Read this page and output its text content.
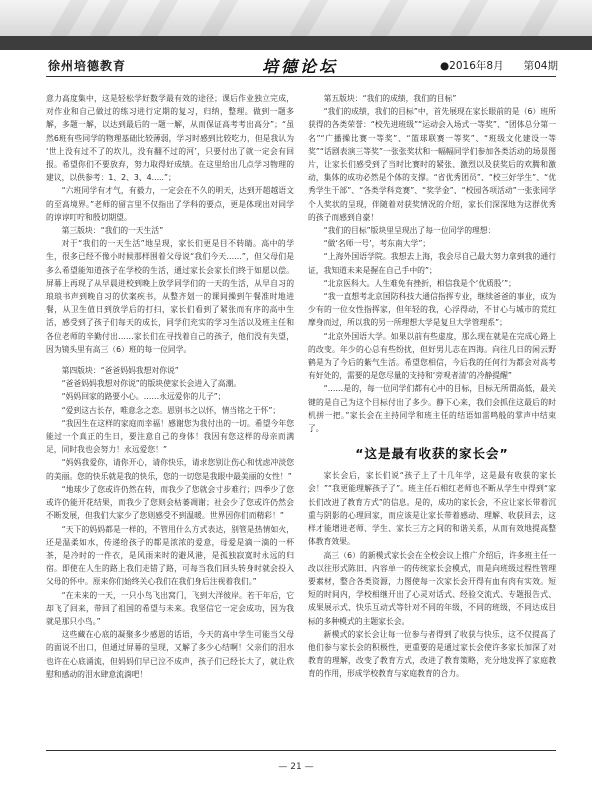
徐州培德教育	培德论坛	●2016年8月 第04期

意力高度集中，这是轻松学好数学最有效的途径；课后作业独立完成，对作业和自己做过的练习进行定期的复习，归纳，整理。做到一题多解，多题一解，以达到最后的一题一解，从而保证高考考出高分”；“虽然6班有些同学的物理基础比较薄弱，学习时感到比较吃力，但是我认为 ‘世上没有过不了的坎儿，没有翻不过的河’，只要付出了就一定会有回报。希望你们不要放弃，努力取得好成绩。在这里给出几点学习物理的建议，以供参考：1、2、3、4.....”；

“六班同学有才气，有毅力，一定会在不久的明天，达到开超越语文的至高境界。”老师的留言里不仅指出了学科的要点，更是体现出对同学的谆谆叮咛和殷切期望。

第三版块：“我们的一天生活”

对于“我们的一天生活”地呈现，家长们更是目不转睛。高中的学生，很多已经不像小时候那样围着父母说“我们今天……”，但父母们是多么希望能知道孩子在学校的生活，通过家长会家长们终于如愿以偿。屏幕上再现了从早晨进校到晚上放学同学们的一天的生活，从早自习的琅琅书声到晚自习的伏案疾书，从整齐划一的课间操到午餐准时地进餐，从卫生值日到放学后的打扫，家长们看到了紧张而有序的高中生活，感受到了孩子们每天的成长，同学们充实的学习生活以及班主任和各位老师的辛勤付出……家长们在寻找着自己的孩子，他们没有失望，因为镜头里有高三（6）班的每一位同学。

第四版块：“爸爸妈妈我想对你说”

“爸爸妈妈我想对你说”的版块使家长会进入了高潮。

“妈妈回家的路要小心。……永远爱你的儿子”；

“爱到这古长存，唯意念之恋。恩别书之以怀，情当铭之于怀”；

“我因生在这样的家庭而幸福！感谢您为我付出的一切。希望今年您能过一个真正的生日，要注意自己的身体！我因有您这样的母亲而满足，同时我也会努力！永远爱您！”

“妈妈我爱你，请你开心，请你快乐，请求您别让伤心和忧虑冲淡您的美丽。您的快乐就是我的快乐，您的一切您是我眼中最美丽的女性！”

“地球少了您或许仍然在转，而我少了您就会寸步难行；四季少了您或许仍能开花结果，而我少了您则会枯萎凋谢；社会少了您或许仍然会不断发展，但我们大家少了您则感受不到温暖。世界因你们而精彩！”

“天下的妈妈都是一样的，不管用什么方式表达，别管是热情如火，还是温柔如水，传递给孩子的都是浓浓的爱意，母爱是滴一滴的一杯茶，是冷时的一件衣，是风雨来时的避风港，是孤独寂寞时永远的归宿。即使在人生的路上我们走错了路，可每当我们回头转身时就会投入父母的怀中。原来你们始终关心我们在我们身后注视着我们。”

“在未来的一天，一只小鸟飞出窝门，飞到大洋彼岸。若干年后，它却飞了回来，带回了祖国的希望与未来。我坚信它一定会成功，因为我就是那只小鸟。”

这些藏在心底的凝聚多少感恩的话语，今天的高中学生可能当父母的面说不出口，但通过屏幕的呈现，又解了多少心结啊！父亲们的泪水也许在心底涌流，但妈妈们早已泣不成声，孩子们已经长大了，就让欣慰和感动的泪水肆意流淌吧！

第五版块：“我们的成绩，我们的目标”

“我们的成绩，我们的目标”中，首先展现在家长眼前的是（6）班所获得的各类荣誉：“校先进班级”“运动会入场式一等奖”、“团体总分第一名”“广播操比赛一等奖”、“篮球联赛一等奖”、“班级文化建设一等奖”“话剧表演三等奖”一张张奖状和一幅幅同学们参加各类活动的场景图片，让家长们感受到了当时比赛时的紧张、激烈以及获奖后的欢腾和激动，集体的成功必然是个体的支撑。“省优秀团员”、“校三好学生”、“优秀学生干部”、“各类学科竞赛”、“奖学金”、“校园各项活动”一张张同学个人奖状的呈现，伴随着对获奖情况的介绍，家长们深深地为这群优秀的孩子而感到自豪！

“我们的目标”版块里呈现出了每一位同学的理想：

“做‘名师一号’，考东南大学”；

“上海外国语学院。我想去上海，我会尽自己最大努力拿到我的通行证，我知道未来是握在自己手中的”；

“北京医科大。人生难免有挫折，相信我是个‘优质股’”；

“我一直想考北京国防科技大通信指挥专业，继续爸爸的事业，成为少有的一位女性指挥家，但年轻的我，心浮得动，不甘心与城市的荒红摩身而过，所以我的另一所理想大学是复旦大学管理系”；

“北京外国语大学。如果以前有些虚度，那么现在就是在完成心路上的改变。年少的心总有些纷扰，但好男儿志在四海。向往几日的闲云野鹤是为了今后的紫气生活。希望您相信，今后我的任何行为都会对高考有好处的，需要的是您尽量的支持和‘旁观者清’的冷静提醒”

“……是的，每一位同学们都有心中的目标，目标无所谓高低，最关键的是自己为这个目标付出了多少。静下心来，我们会抓住这最后的时机拼一把。”家长会在主持同学和班主任的结语如雷鸣般的掌声中结束了。

“这是最有收获的家长会”

家长会后，家长们说“孩子上了十几年学，这是最有收获的家长会！”“我更能理解孩子了”。班主任石相红老师也不断从学生中得到“家长们改进了教育方式”的信息。是的，成功的家长会，不应让家长带着沉重与阴影的心理回家，而应该是让家长带着感动、理解、收获回去，这样才能增进老师、学生、家长三方之间的和谐关系，从而有效地提高整体教育效果。

高三（6）的新模式家长会在全校会议上推广介绍后，许多班主任一改以往形式陈旧、内容单一的传统家长会模式，而是向班级过程性管理要素材，整合各类资源，力图使每一次家长会开得有血有肉有实效。短短的时间内，学校相继开出了心灵对话式、经验交流式、专题报告式、成果展示式、快乐互动式等针对不同的年级，不同的班级，不同达成目标的多种模式的主题家长会。

新模式的家长会让每一位参与者得到了收获与快乐，这不仅提高了他们参与家长会的积极性，更重要的是通过家长会使许多家长加深了对教育的理解，改变了教育方式，改进了教育策略，充分地发挥了家庭教育的作用，形成学校教育与家庭教育的合力。

— 21 —
